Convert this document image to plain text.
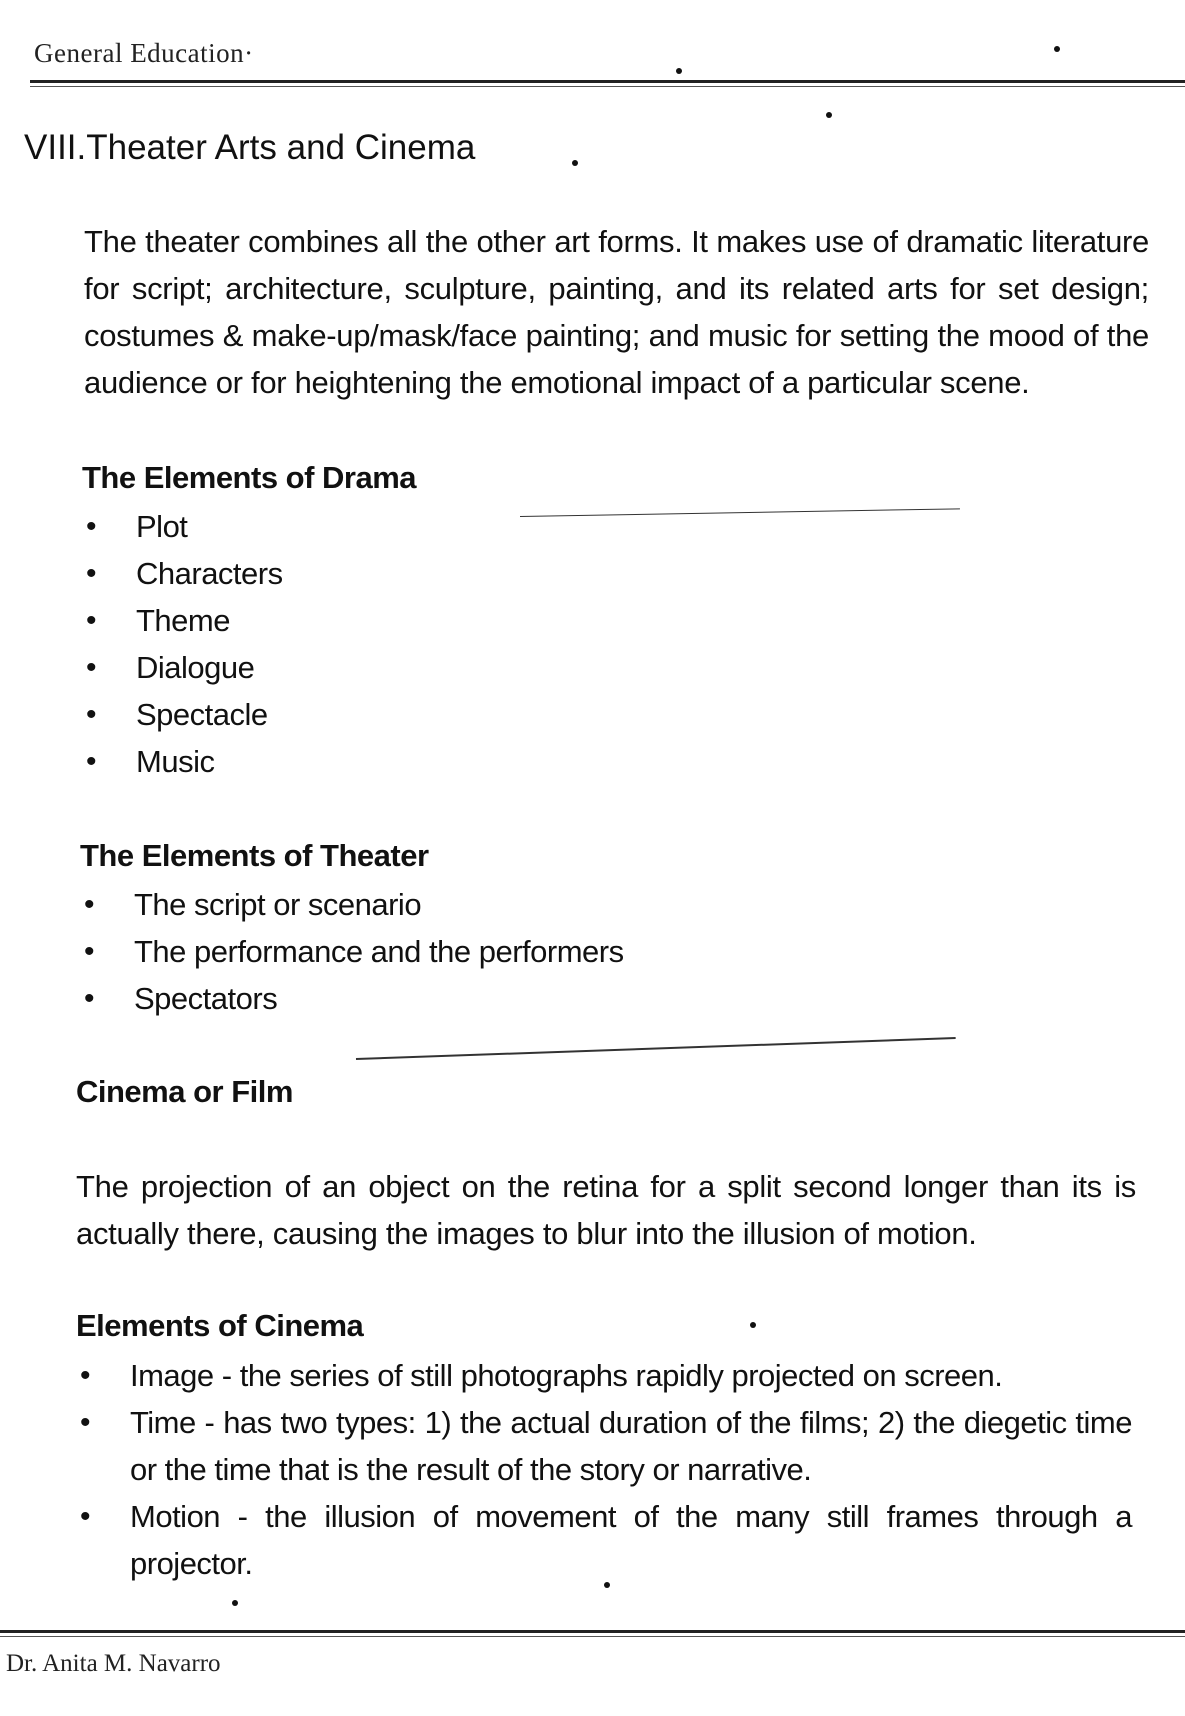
General Education·
VIII.Theater Arts and Cinema
The theater combines all the other art forms. It makes use of dramatic literature for script; architecture, sculpture, painting, and its related arts for set design; costumes & make-up/mask/face painting; and music for setting the mood of the audience or for heightening the emotional impact of a particular scene.
The Elements of Drama
• Plot
• Characters
• Theme
• Dialogue
• Spectacle
• Music
The Elements of Theater
• The script or scenario
• The performance and the performers
• Spectators
Cinema or Film
The projection of an object on the retina for a split second longer than its is actually there, causing the images to blur into the illusion of motion.
Elements of Cinema
• Image - the series of still photographs rapidly projected on screen.
• Time - has two types: 1) the actual duration of the films; 2) the diegetic time or the time that is the result of the story or narrative.
• Motion - the illusion of movement of the many still frames through a projector.
Dr. Anita M. Navarro
